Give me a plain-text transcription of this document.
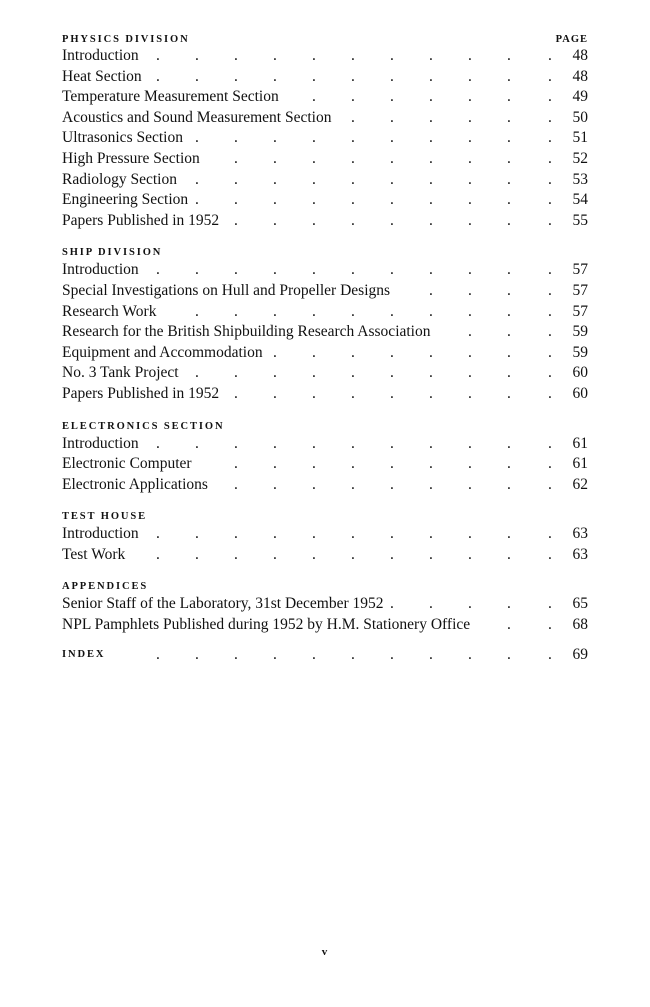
PHYSICS DIVISION	PAGE
. . . . . . . . . . .
Introduction	48
. . . . . . . . . . .
Heat Section	48
. . . . . . .
Temperature Measurement Section	49
. . . . . .
Acoustics and Sound Measurement Section	50
. . . . . . . . . .
Ultrasonics Section	51
. . . . . . . . .
High Pressure Section	52
. . . . . . . . . .
Radiology Section	53
. . . . . . . . . .
Engineering Section	54
. . . . . . . . .
Papers Published in 1952	55
SHIP DIVISION
. . . . . . . . . . .
Introduction	57
. . . .
Special Investigations on Hull and Propeller Designs	57
. . . . . . . . . .
Research Work	57
. . .
Research for the British Shipbuilding Research Association	59
. . . . . . . .
Equipment and Accommodation	59
. . . . . . . . . .
No. 3 Tank Project	60
. . . . . . . . .
Papers Published in 1952	60
ELECTRONICS SECTION
. . . . . . . . . . .
Introduction	61
. . . . . . . . .
Electronic Computer	61
. . . . . . . . .
Electronic Applications	62
TEST HOUSE
. . . . . . . . . . .
Introduction	63
. . . . . . . . . . .
Test Work	63
APPENDICES
. . . . .
Senior Staff of the Laboratory, 31st December 1952	65
. .
NPL Pamphlets Published during 1952 by H.M. Stationery Office	68
INDEX	. . . . . . . . . . . 69
v
